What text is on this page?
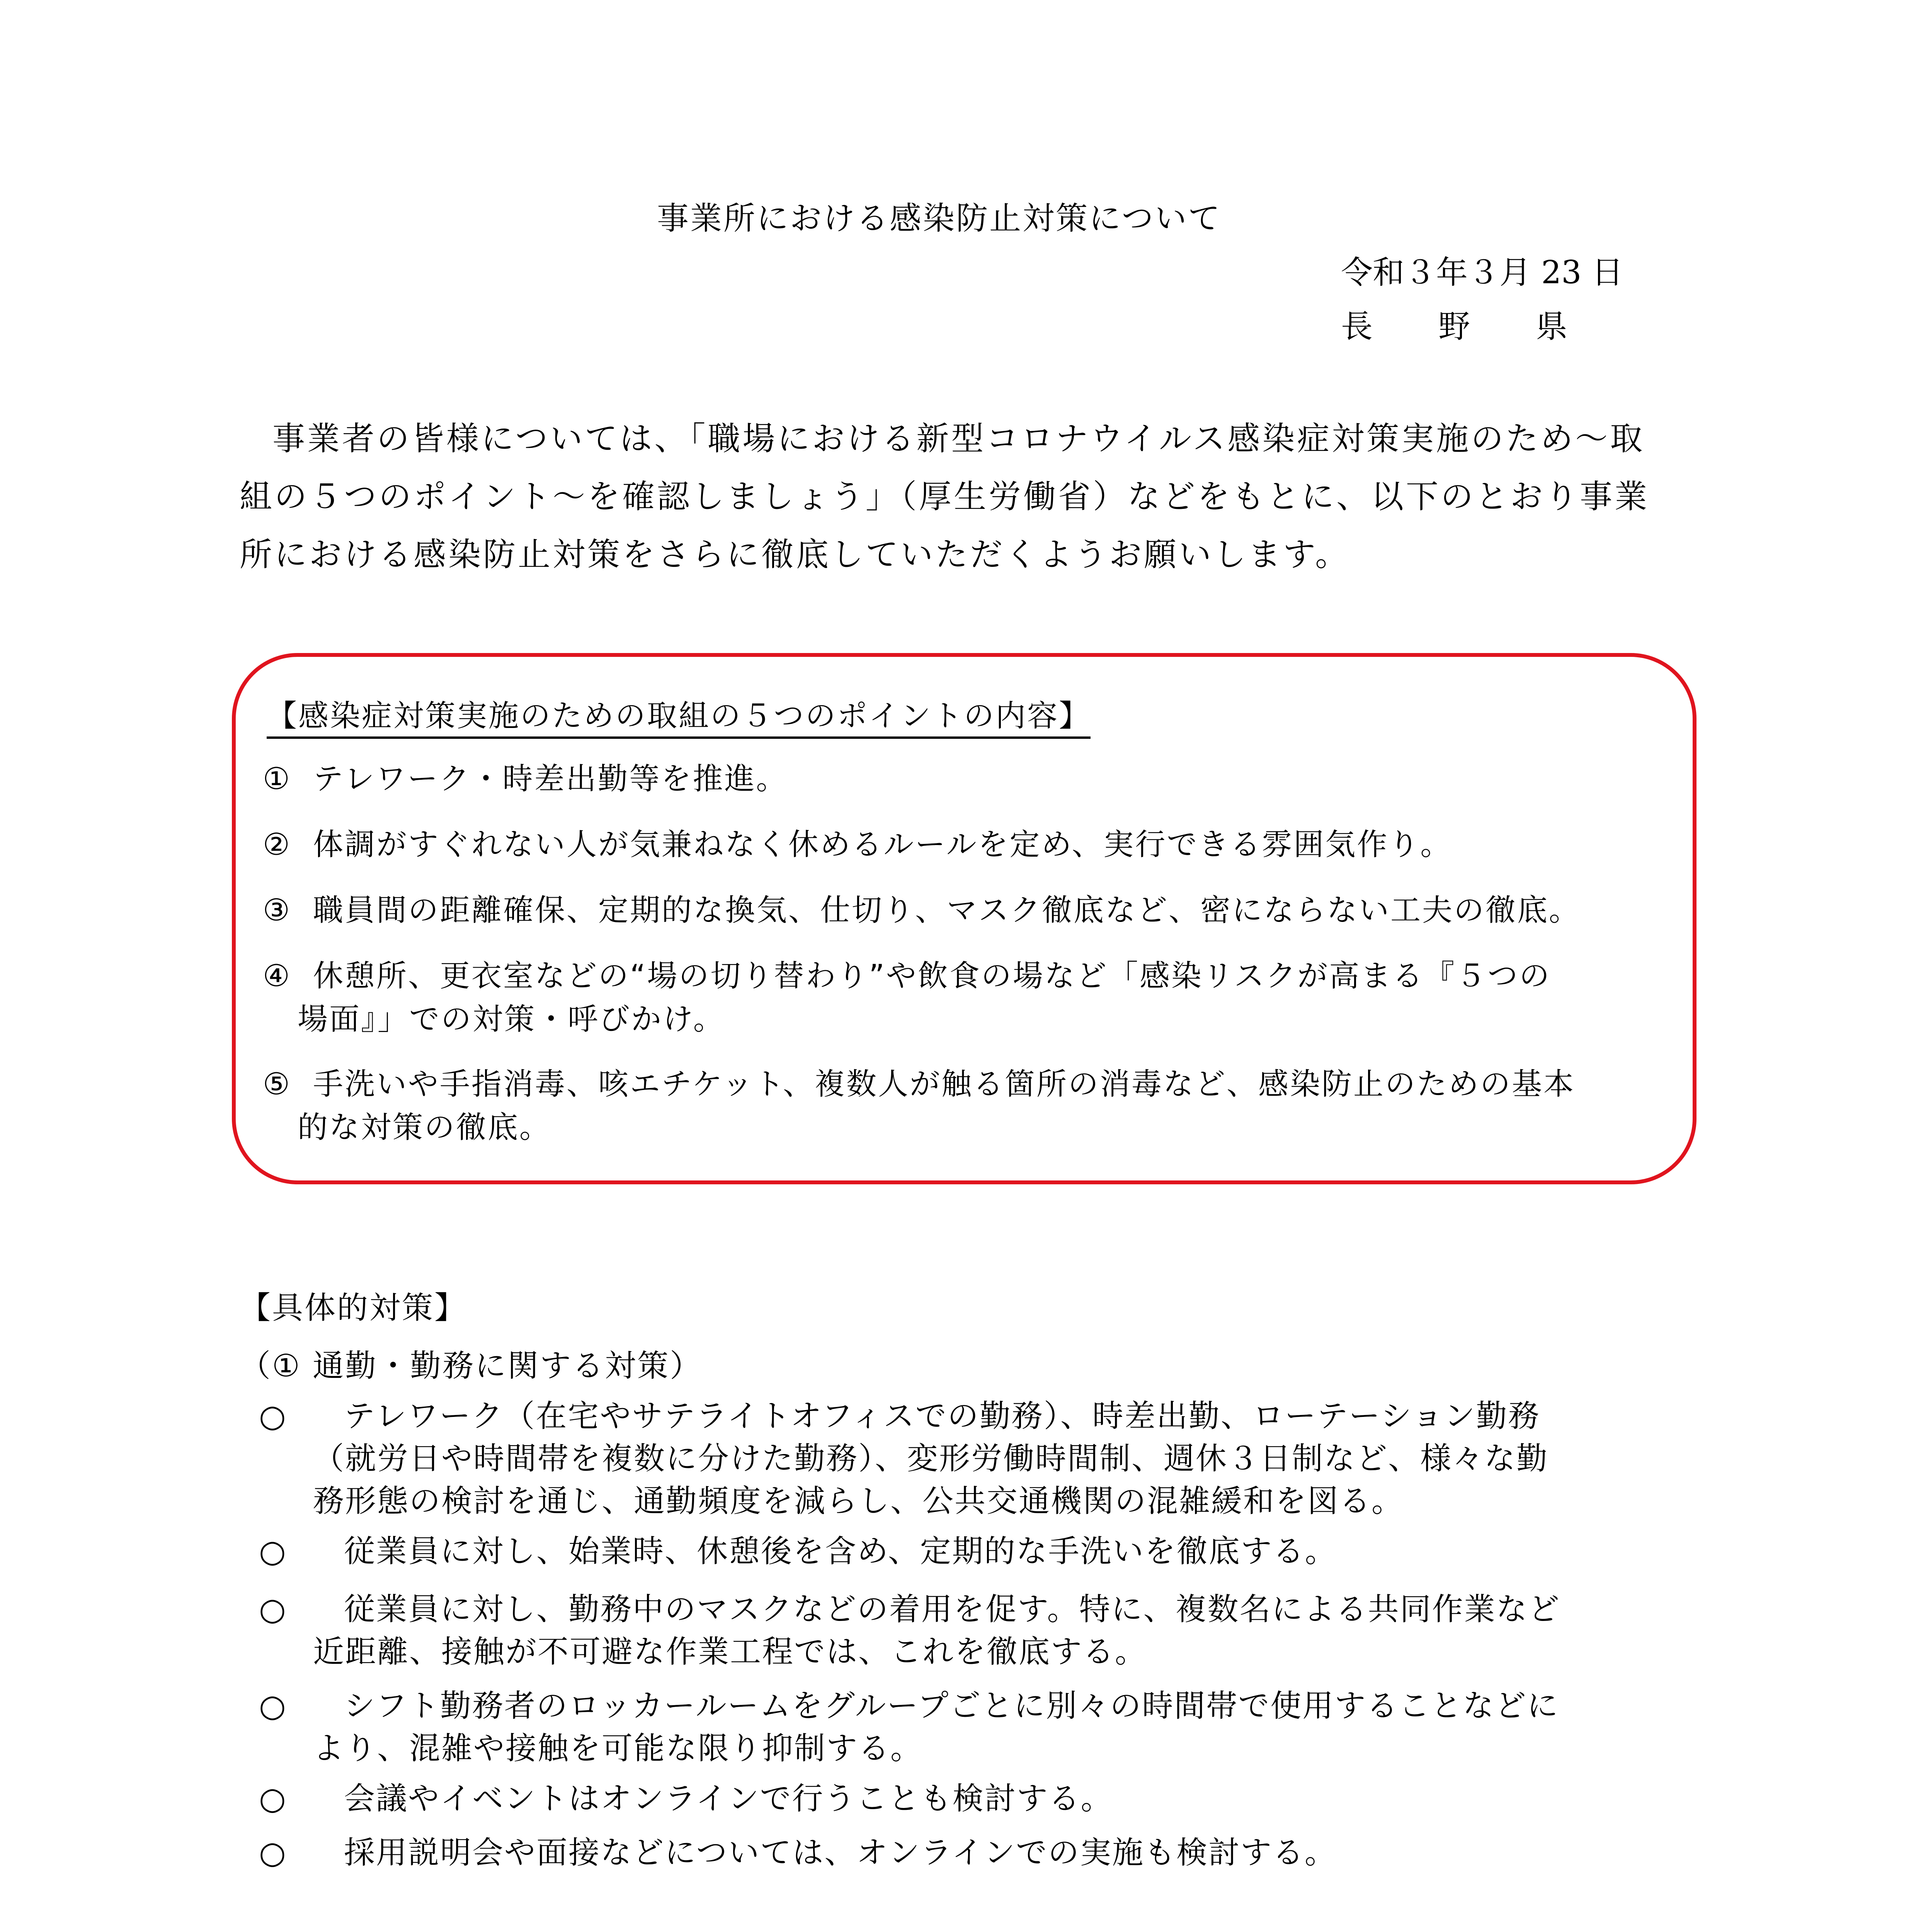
事業所における感染防止対策について
令和３年３月 23 日
長野県

事業者の皆様については、「職場における新型コロナウイルス感染症対策実施のため～取

組の５つのポイント～を確認しましょう」（厚生労働省）などをもとに、以下のとおり事業

所における感染防止対策をさらに徹底していただくようお願いします。

【感染症対策実施のための取組の５つのポイントの内容】
① テレワーク・時差出勤等を推進。
② 体調がすぐれない人が気兼ねなく休めるルールを定め、実行できる雰囲気作り。
③ 職員間の距離確保、定期的な換気、仕切り、マスク徹底など、密にならない工夫の徹底。
④ 休憩所、更衣室などの“場の切り替わり”や飲食の場など「感染リスクが高まる『５つの
場面』」での対策・呼びかけ。
⑤ 手洗いや手指消毒、咳エチケット、複数人が触る箇所の消毒など、感染防止のための基本
的な対策の徹底。
【具体的対策】
（① 通勤・勤務に関する対策）
○	テレワーク（在宅やサテライトオフィスでの勤務）、時差出勤、ローテーション勤務
（就労日や時間帯を複数に分けた勤務）、変形労働時間制、週休３日制など、様々な勤
務形態の検討を通じ、通勤頻度を減らし、公共交通機関の混雑緩和を図る。
○	従業員に対し、始業時、休憩後を含め、定期的な手洗いを徹底する。
○	従業員に対し、勤務中のマスクなどの着用を促す。特に、複数名による共同作業など
近距離、接触が不可避な作業工程では、これを徹底する。
○	シフト勤務者のロッカールームをグループごとに別々の時間帯で使用することなどに
より、混雑や接触を可能な限り抑制する。
○	会議やイベントはオンラインで行うことも検討する。
○	採用説明会や面接などについては、オンラインでの実施も検討する。
